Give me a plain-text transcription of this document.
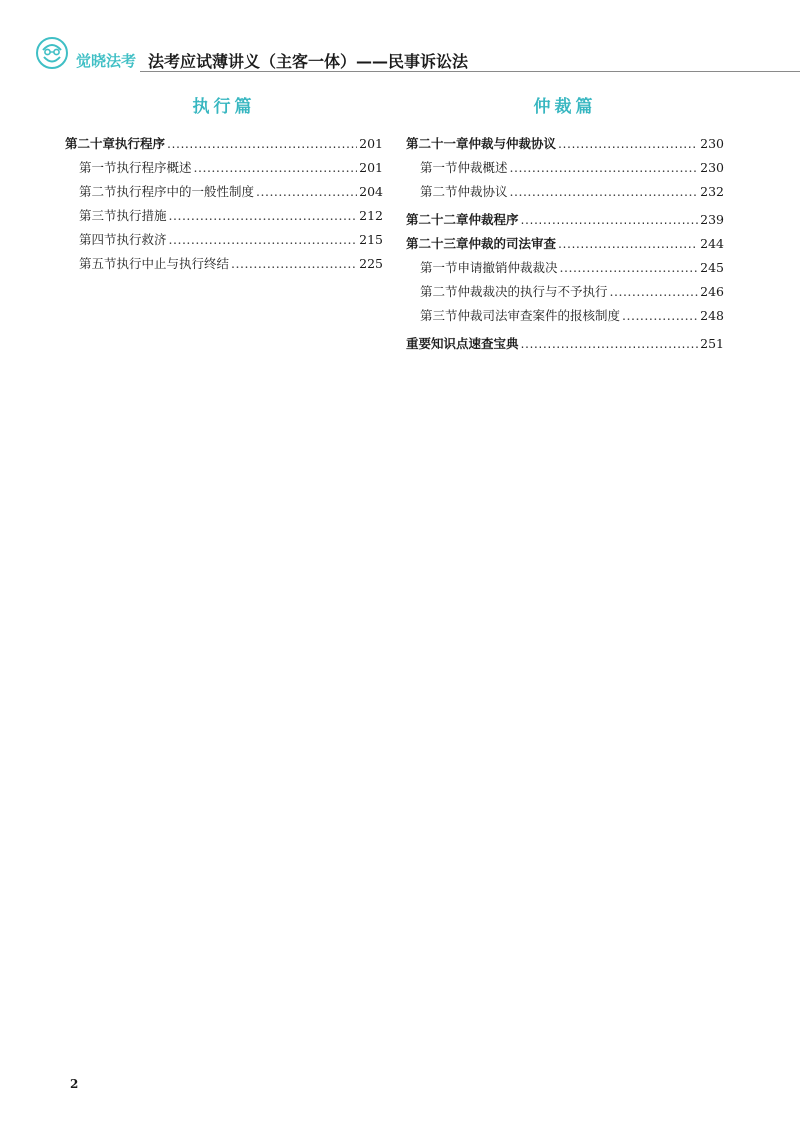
觉晓法考 法考应试薄讲义（主客一体）——民事诉讼法
执行篇
第二十章 执行程序 .....	201
第一节 执行程序概述 .....	201
第二节 执行程序中的一般性制度 .....	204
第三节 执行措施 .....	212
第四节 执行救济 .....	215
第五节 执行中止与执行终结 .....	225
仲裁篇
第二十一章 仲裁与仲裁协议 .....	230
第一节 仲裁概述 .....	230
第二节 仲裁协议 .....	232
第二十二章 仲裁程序 .....	239
第二十三章 仲裁的司法审查 .....	244
第一节 申请撤销仲裁裁决 .....	245
第二节 仲裁裁决的执行与不予执行 .....	246
第三节 仲裁司法审查案件的报核制度 .....	248
重要知识点速查宝典 .....	251
2
